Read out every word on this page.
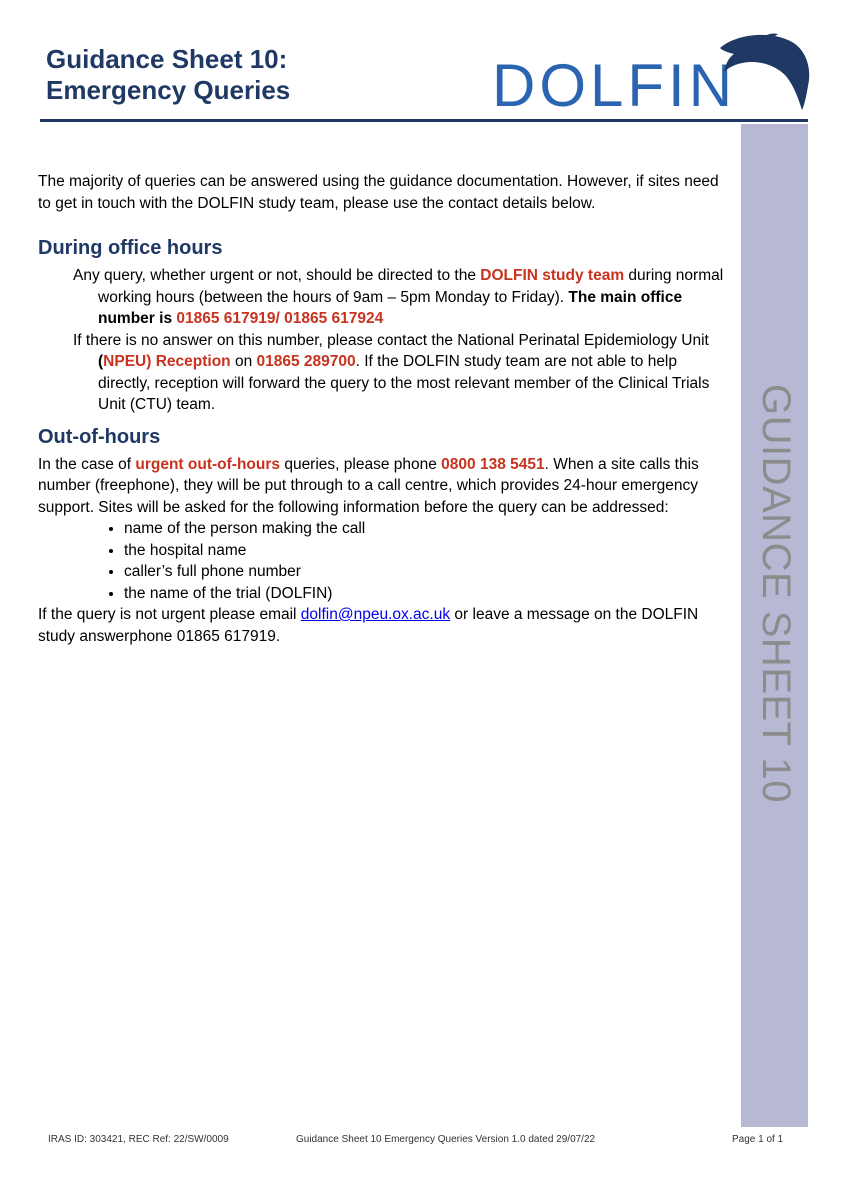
Guidance Sheet 10:
Emergency Queries	DOLFIN
GUIDANCE SHEET 10

The majority of queries can be answered using the guidance documentation. However, if sites need to get in touch with the DOLFIN study team, please use the contact details below.

During office hours

Any query, whether urgent or not, should be directed to the DOLFIN study team during normal working hours (between the hours of 9am – 5pm Monday to Friday). The main office number is 01865 617919/ 01865 617924

If there is no answer on this number, please contact the National Perinatal Epidemiology Unit (NPEU) Reception on 01865 289700. If the DOLFIN study team are not able to help directly, reception will forward the query to the most relevant member of the Clinical Trials Unit (CTU) team.

Out-of-hours

In the case of urgent out-of-hours queries, please phone 0800 138 5451. When a site calls this number (freephone), they will be put through to a call centre, which provides 24-hour emergency support. Sites will be asked for the following information before the query can be addressed:

• name of the person making the call
• the hospital name
• caller’s full phone number
• the name of the trial (DOLFIN)

If the query is not urgent please email dolfin@npeu.ox.ac.uk or leave a message on the DOLFIN study answerphone 01865 617919.

IRAS ID: 303421, REC Ref: 22/SW/0009	Guidance Sheet 10 Emergency Queries Version 1.0 dated 29/07/22	Page 1 of 1
